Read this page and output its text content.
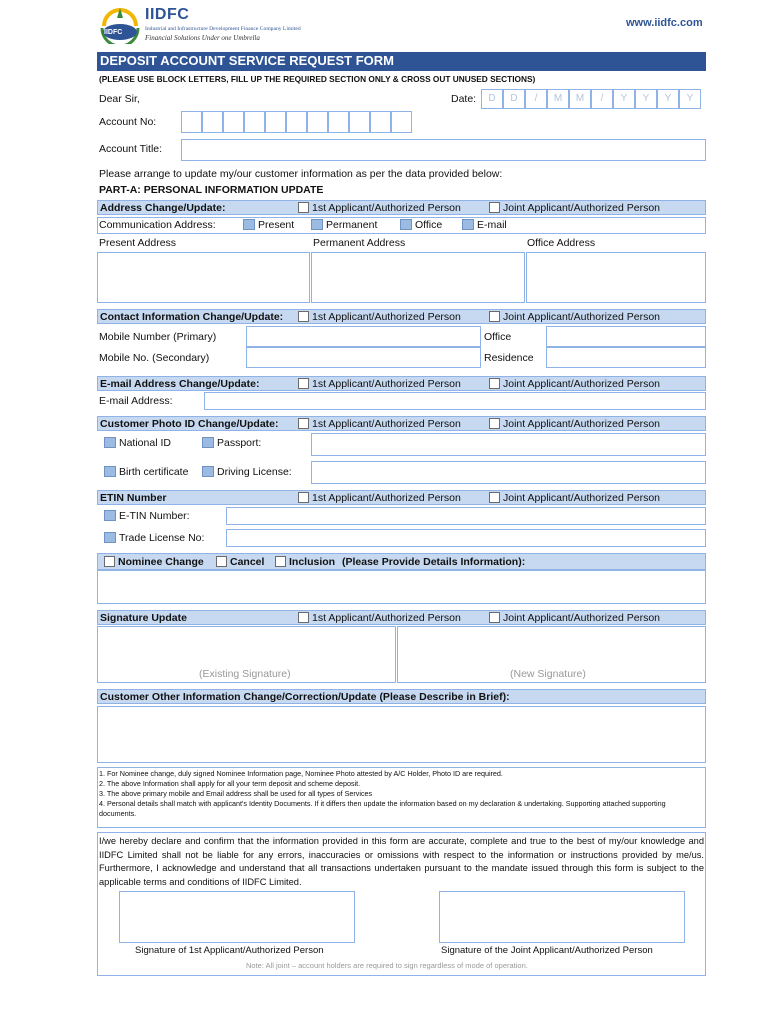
IIDFC
IIDFC
Industrial and Infrastructure Development Finance Company Limited
Financial Solutions Under one Umbrella
www.iidfc.com
DEPOSIT ACCOUNT SERVICE REQUEST FORM
(PLEASE USE BLOCK LETTERS, FILL UP THE REQUIRED SECTION ONLY & CROSS OUT UNUSED SECTIONS)
Dear Sir,	Date:	D	D	/	M	M	/	Y	Y	Y	Y
Account No:
Account Title:
Please arrange to update my/our customer information as per the data provided below:
PART-A: PERSONAL INFORMATION UPDATE
Address Change/Update:	1st Applicant/Authorized Person	Joint Applicant/Authorized Person
Communication Address:	Present	Permanent	Office	E-mail
Present Address	Permanent Address	Office Address
Contact Information Change/Update:	1st Applicant/Authorized Person	Joint Applicant/Authorized Person
Mobile Number (Primary)	Office
Mobile No. (Secondary)	Residence
E-mail Address Change/Update:	1st Applicant/Authorized Person	Joint Applicant/Authorized Person
E-mail Address:
Customer Photo ID Change/Update:	1st Applicant/Authorized Person	Joint Applicant/Authorized Person
National ID	Passport:
Birth certificate	Driving License:
ETIN Number	1st Applicant/Authorized Person	Joint Applicant/Authorized Person
E-TIN Number:
Trade License No:
Nominee Change	Cancel	Inclusion (Please Provide Details Information):
Signature Update	1st Applicant/Authorized Person	Joint Applicant/Authorized Person
(Existing Signature)	(New Signature)
Customer Other Information Change/Correction/Update (Please Describe in Brief):
1. For Nominee change, duly signed Nominee Information page, Nominee Photo attested by A/C Holder, Photo ID are required.
2. The above Information shall apply for all your term deposit and scheme deposit.
3. The above primary mobile and Email address shall be used for all types of Services
4. Personal details shall match with applicant's Identity Documents. If it differs then update the information based on my declaration & undertaking. Supporting attached supporting documents.
I/we hereby declare and confirm that the information provided in this form are accurate, complete and true to the best of my/our knowledge and IIDFC Limited shall not be liable for any errors, inaccuracies or omissions with respect to the information or instructions provided by me/us. Furthermore, I acknowledge and understand that all transactions undertaken pursuant to the mandate issued through this form is subject to the applicable terms and conditions of IIDFC Limited.
Signature of 1st Applicant/Authorized Person	Signature of the Joint Applicant/Authorized Person
Note: All joint – account holders are required to sign regardless of mode of operation.
